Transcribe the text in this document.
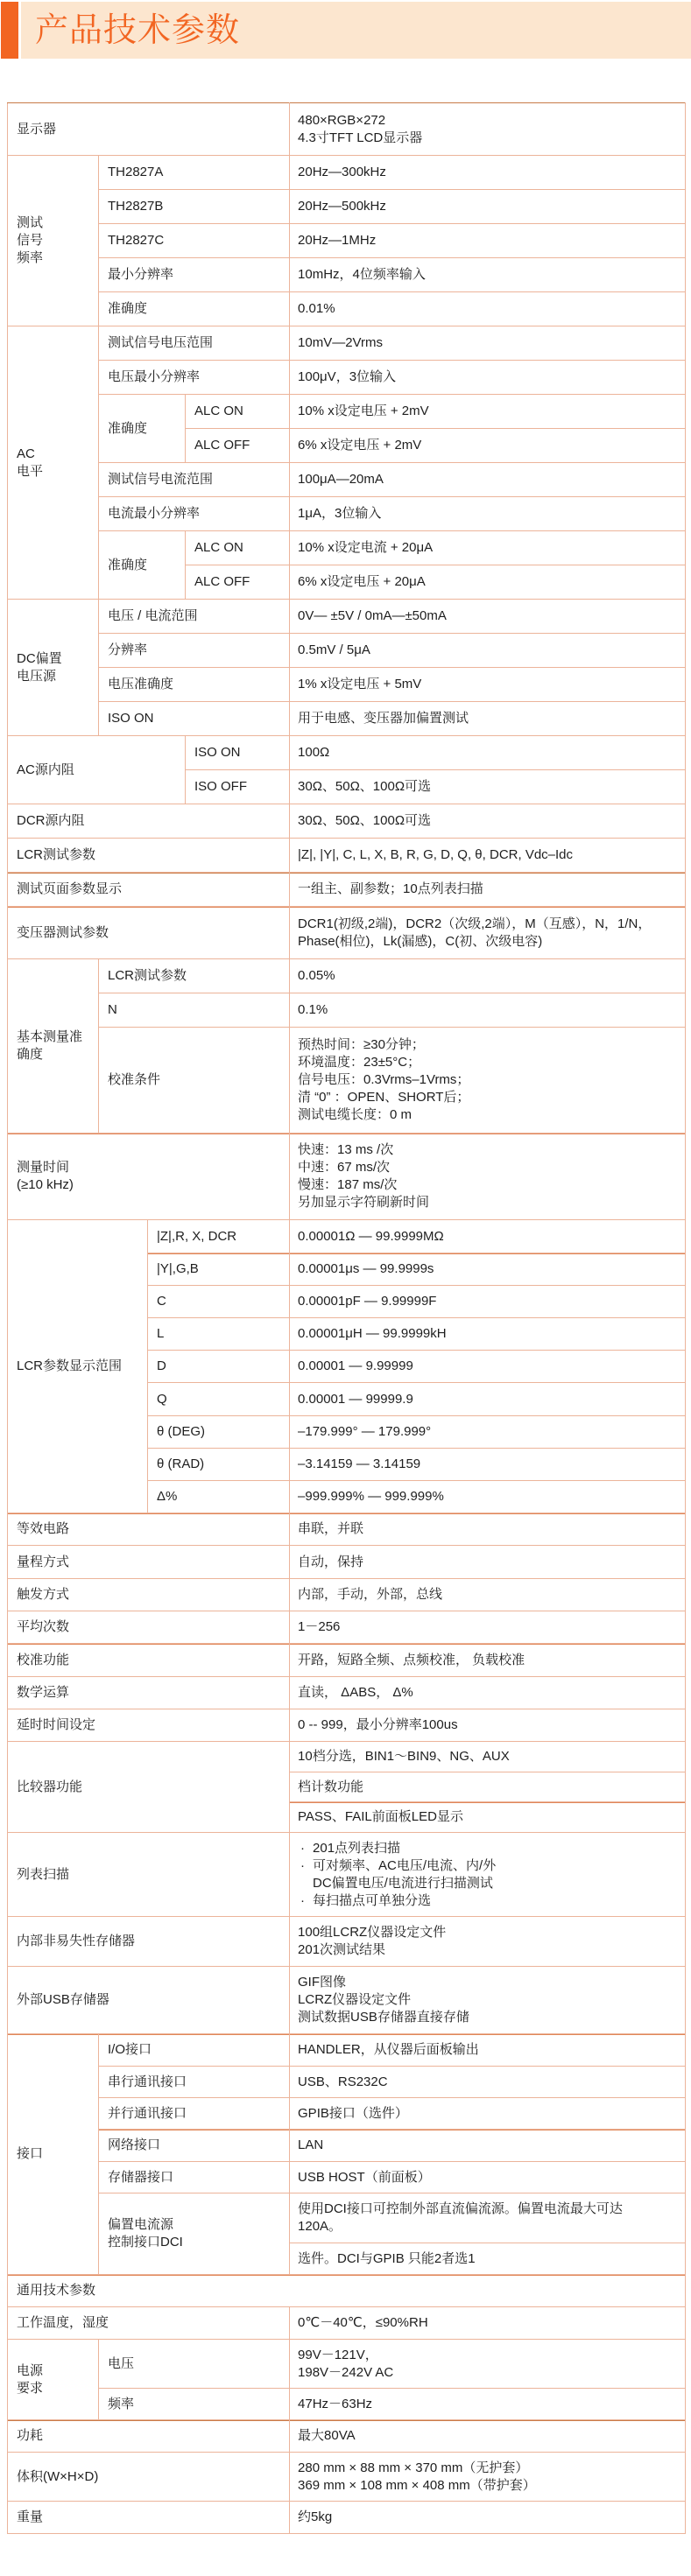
产品技术参数
显示器				480×RGB×272
4.3寸TFT LCD显示器

测试
信号
频率	TH2827A			20Hz—300kHz
	TH2827B			20Hz—500kHz
	TH2827C			20Hz—1MHz
	最小分辨率			10mHz，4位频率输入
	准确度			0.01%

AC
电平	测试信号电压范围			10mV—2Vrms
	电压最小分辨率			100μV，3位输入
	准确度		ALC ON	10% x设定电压 + 2mV
			ALC OFF	6% x设定电压 + 2mV
	测试信号电流范围			100μA—20mA
	电流最小分辨率			1μA，3位输入
	准确度		ALC ON	10% x设定电流 + 20μA
			ALC OFF	6% x设定电压 + 20μA

DC偏置
电压源	电压 / 电流范围			0V— ±5V / 0mA—±50mA
	分辨率			0.5mV / 5μA
	电压准确度			1% x设定电压 + 5mV
	ISO ON			用于电感、变压器加偏置测试
AC源内阻			ISO ON	100Ω
			ISO OFF	30Ω、50Ω、100Ω可选
DCR源内阻				30Ω、50Ω、100Ω可选
LCR测试参数				|Z|, |Y|, C, L, X, B, R, G, D, Q, θ, DCR, Vdc–Idc
测试页面参数显示				一组主、副参数；10点列表扫描
变压器测试参数				DCR1(初级,2端)，DCR2（次级,2端），M（互感），N，1/N，
Phase(相位)，Lk(漏感)，C(初、次级电容)

基本测量准
确度	LCR测试参数			0.05%
	N			0.1%
	校准条件			预热时间：≥30分钟；
环境温度：23±5°C；
信号电压：0.3Vrms–1Vrms；
清 “0” ：OPEN、SHORT后；
测试电缆长度：0 m

测量时间
(≥10 kHz)				快速：13 ms /次
中速：67 ms/次
慢速：187 ms/次
另加显示字符刷新时间

LCR参数显示范围		|Z|,R, X, DCR		0.00001Ω — 99.9999MΩ
		|Y|,G,B		0.00001μs — 99.9999s
		C		0.00001pF — 9.99999F
		L		0.00001μH — 99.9999kH
		D		0.00001 — 9.99999
		Q		0.00001 — 99999.9
		θ (DEG)		–179.999° — 179.999°
		θ (RAD)		–3.14159 — 3.14159
		Δ%		–999.999% — 999.999%
等效电路				串联，并联
量程方式				自动，保持
触发方式				内部，手动，外部，总线
平均次数				1－256
校准功能				开路，短路全频、点频校准， 负载校准
数学运算				直读， ΔABS， Δ%
延时时间设定				0 -- 999，最小分辨率100us
比较器功能				10档分选，BIN1～BIN9、NG、AUX
				档计数功能
				PASS、FAIL前面板LED显示
列表扫描	
· 201点列表扫描
· 可对频率、AC电压/电流、内/外
DC偏置电压/电流进行扫描测试
· 每扫描点可单独分选

内部非易失性存储器				100组LCRZ仪器设定文件
201次测试结果

外部USB存储器				GIF图像
LCRZ仪器设定文件
测试数据USB存储器直接存储

接口	I/O接口			HANDLER，从仪器后面板输出
	串行通讯接口			USB、RS232C
	并行通讯接口			GPIB接口（选件）
	网络接口			LAN
	存储器接口			USB HOST（前面板）

	偏置电流源
控制接口DCI			使用DCI接口可控制外部直流偏流源。偏置电流最大可达
120A。

				选件。DCI与GPIB 只能2者选1
通用技术参数				
工作温度，湿度				0℃－40℃，≤90%RH

电源
要求	电压			99V－121V，
198V－242V AC

	频率			47Hz－63Hz
功耗				最大80VA
体积(W×H×D)				280 mm × 88 mm × 370 mm（无护套）
369 mm × 108 mm × 408 mm（带护套）

重量				约5kg
